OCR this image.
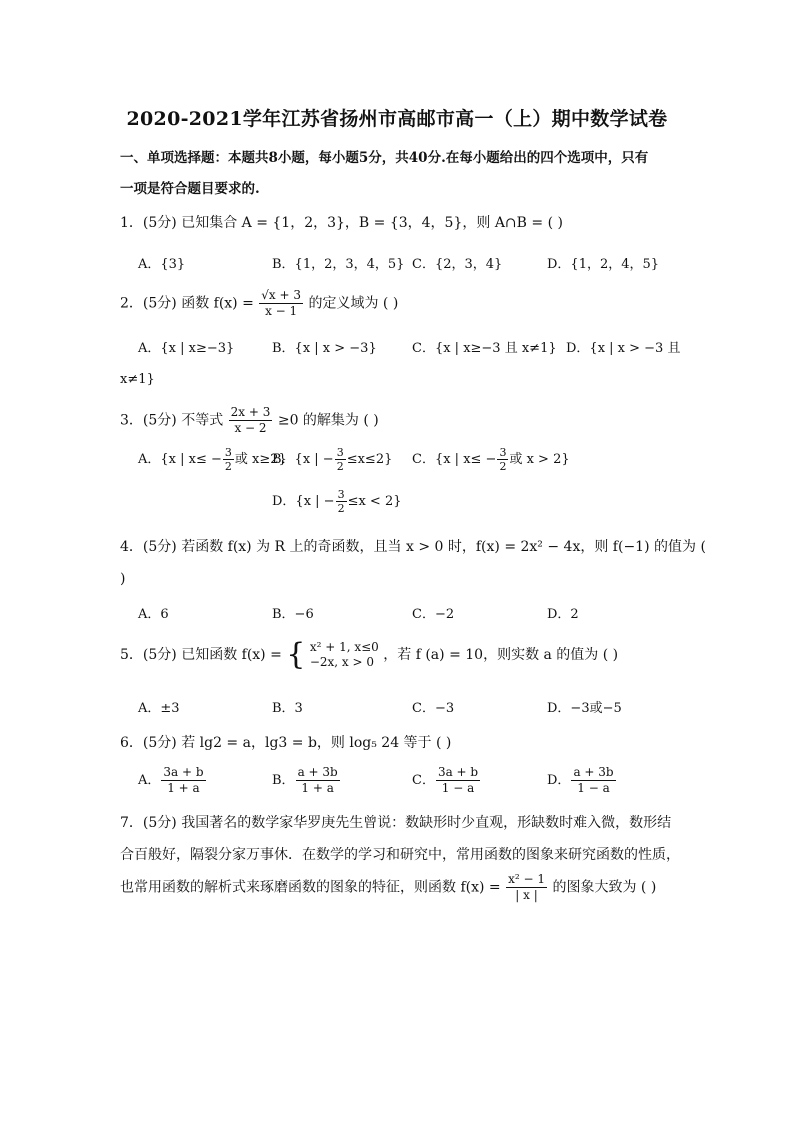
2020-2021学年江苏省扬州市高邮市高一（上）期中数学试卷
一、单项选择题：本题共8小题，每小题5分，共40分.在每小题给出的四个选项中，只有
一项是符合题目要求的.
1．(5分) 已知集合 A = {1，2，3}，B = {3，4，5}，则 A∩B = ( )
A．{3}	B．{1，2，3，4，5} C．{2，3，4}	D．{1，2，4，5}
2．(5分) 函数 $f(x) = \frac{√x + 3}{x - 1}$ 的定义域为 ( )
A．{x | x≥−3}	B．{x | x > −3}	C．{x | x≥−3 且 x≠1} D．{x | x > −3 且
x≠1}
3．(5分) 不等式 $\frac{2x + 3}{x - 2} \ge 0$ 的解集为 ( )
A．{x | $x\le - \frac{3}{2}$ 或 x≥2}
B．{x | − $\frac{3}{2} \le x\le 2$} C．{x | $x\le - \frac{3}{2}$ 或 x > 2}
D．{x | − $\frac{3}{2} \le x < 2$}
4．(5分) 若函数 f(x) 为 R 上的奇函数，且当 x > 0 时，f(x) = 2x² − 4x，则 f(−1) 的值为 (
)
A．6	B．−6	C．−2	D．2
5．(5分) 已知函数 f(x) = { x² + 1, x≤0
−2x, x > 0 ，若 f (a) = 10，则实数 a 的值为 ( )
A．±3	B．3	C．−3	D．−3或−5
6．(5分) 若 lg2 = a，lg3 = b，则 log₅ 24 等于 ( )
A． $\frac{3a + b}{1 + a}$	B． $\frac{a + 3b}{1 + a}$	C． $\frac{3a + b}{1 - a}$	D． $\frac{a + 3b}{1 - a}$
7．(5分) 我国著名的数学家华罗庚先生曾说：数缺形时少直观，形缺数时难入微，数形结
合百般好，隔裂分家万事休．在数学的学习和研究中，常用函数的图象来研究函数的性质，
也常用函数的解析式来琢磨函数的图象的特征，则函数 $f(x) = \frac{\text{x² − 1}}{| x |}$ 的图象大致为 ( )
